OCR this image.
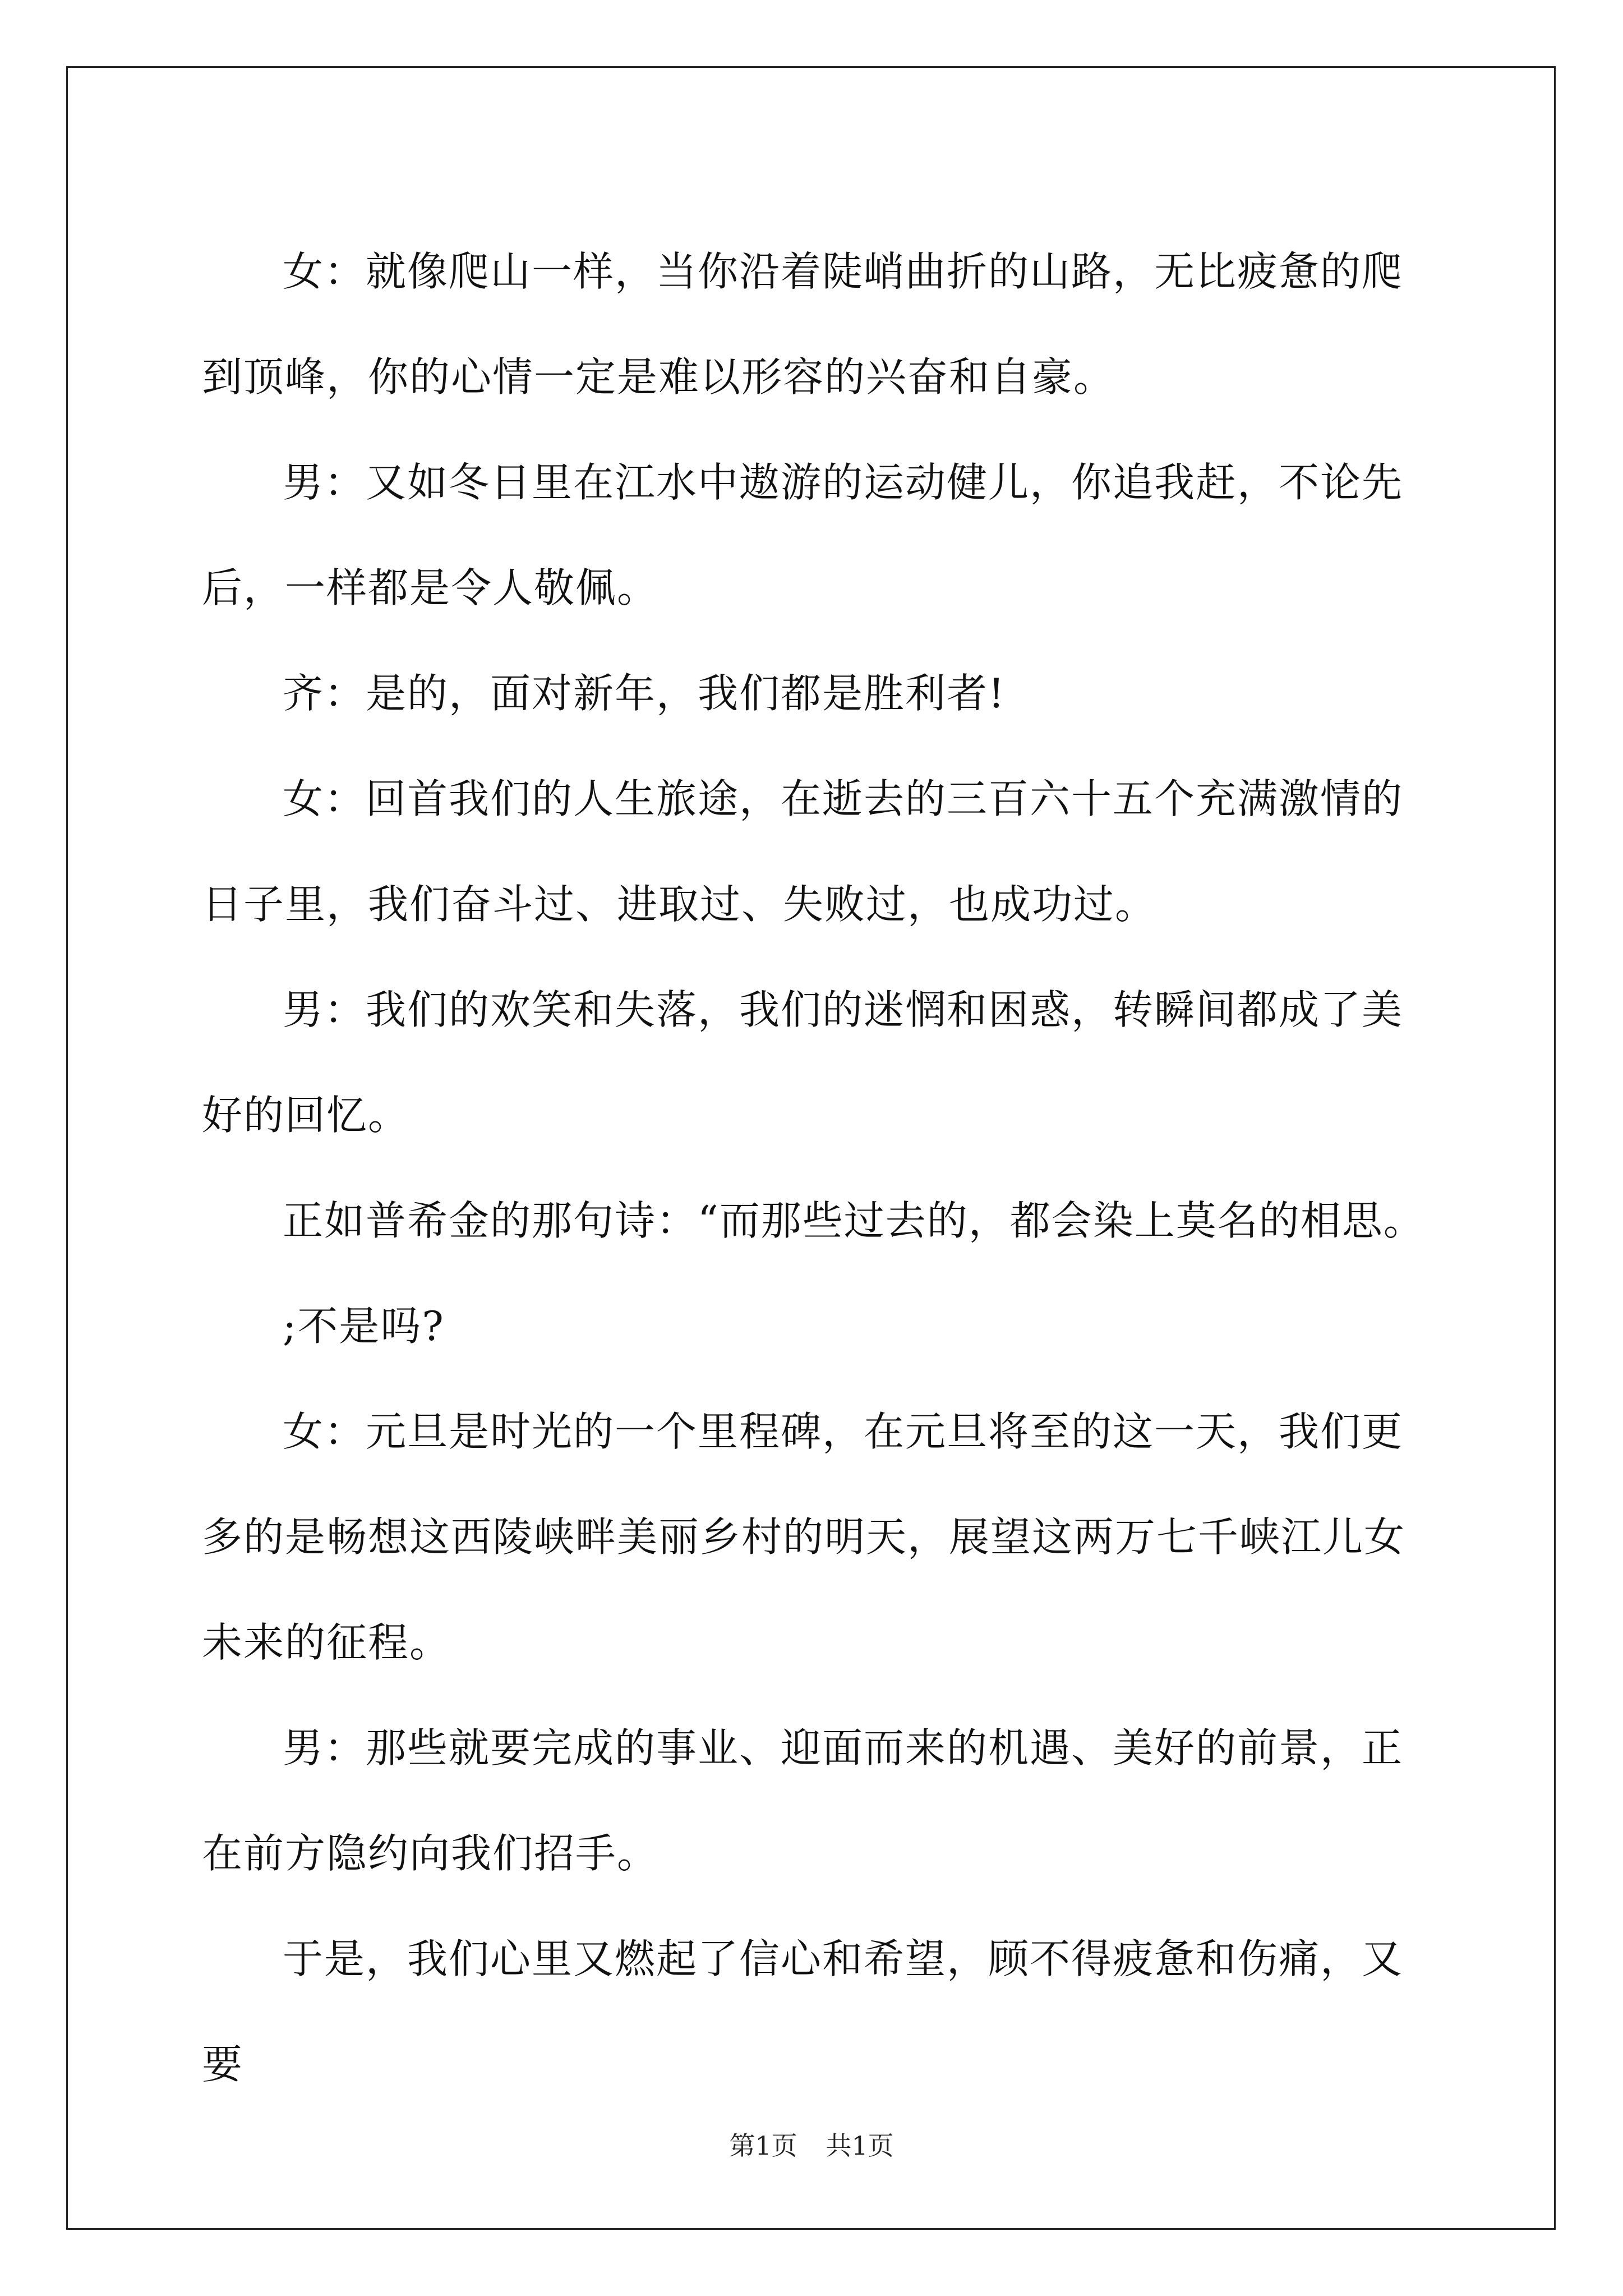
女：就像爬山一样，当你沿着陡峭曲折的山路，无比疲惫的爬到顶峰，你的心情一定是难以形容的兴奋和自豪。

男：又如冬日里在江水中遨游的运动健儿，你追我赶，不论先后，一样都是令人敬佩。

齐：是的，面对新年，我们都是胜利者!

女：回首我们的人生旅途，在逝去的三百六十五个充满激情的日子里，我们奋斗过、进取过、失败过，也成功过。

男：我们的欢笑和失落，我们的迷惘和困惑，转瞬间都成了美好的回忆。

正如普希金的那句诗：“而那些过去的，都会染上莫名的相思。

;不是吗?

女：元旦是时光的一个里程碑，在元旦将至的这一天，我们更多的是畅想这西陵峡畔美丽乡村的明天，展望这两万七千峡江儿女未来的征程。

男：那些就要完成的事业、迎面而来的机遇、美好的前景，正在前方隐约向我们招手。

于是，我们心里又燃起了信心和希望，顾不得疲惫和伤痛，又要

第1页 共1页
